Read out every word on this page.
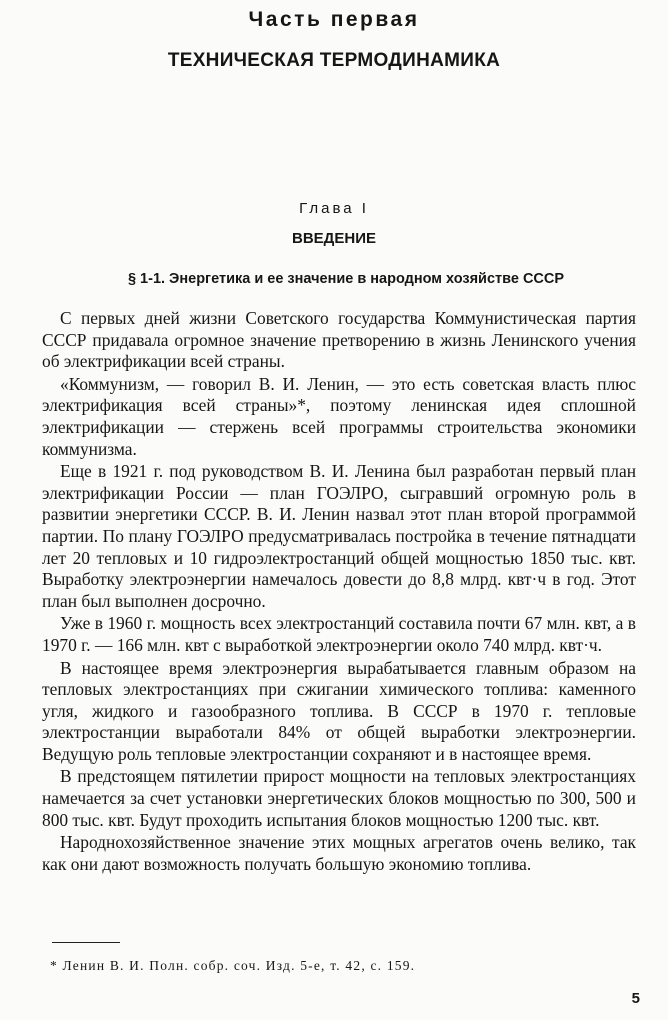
Часть первая
ТЕХНИЧЕСКАЯ ТЕРМОДИНАМИКА
Глава I
ВВЕДЕНИЕ
§ 1-1. Энергетика и ее значение в народном хозяйстве СССР

С первых дней жизни Советского государства Коммунистическая партия СССР придавала огромное значение претворению в жизнь Ленинского учения об электрификации всей страны.

«Коммунизм, — говорил В. И. Ленин, — это есть советская власть плюс электрификация всей страны»*, поэтому ленинская идея сплошной электрификации — стержень всей программы строительства экономики коммунизма.

Еще в 1921 г. под руководством В. И. Ленина был разработан первый план электрификации России — план ГОЭЛРО, сыгравший огромную роль в развитии энергетики СССР. В. И. Ленин назвал этот план второй программой партии. По плану ГОЭЛРО предусматривалась постройка в течение пятнадцати лет 20 тепловых и 10 гидроэлектростанций общей мощностью 1850 тыс. квт. Выработку электроэнергии намечалось довести до 8,8 млрд. квт·ч в год. Этот план был выполнен досрочно.

Уже в 1960 г. мощность всех электростанций составила почти 67 млн. квт, а в 1970 г. — 166 млн. квт с выработкой электроэнергии около 740 млрд. квт·ч.

В настоящее время электроэнергия вырабатывается главным образом на тепловых электростанциях при сжигании химического топлива: каменного угля, жидкого и газообразного топлива. В СССР в 1970 г. тепловые электростанции выработали 84% от общей выработки электроэнергии. Ведущую роль тепловые электростанции сохраняют и в настоящее время.

В предстоящем пятилетии прирост мощности на тепловых электростанциях намечается за счет установки энергетических блоков мощностью по 300, 500 и 800 тыс. квт. Будут проходить испытания блоков мощностью 1200 тыс. квт.

Народнохозяйственное значение этих мощных агрегатов очень велико, так как они дают возможность получать большую экономию топлива.

* Ленин В. И. Полн. собр. соч. Изд. 5-е, т. 42, с. 159.
5
